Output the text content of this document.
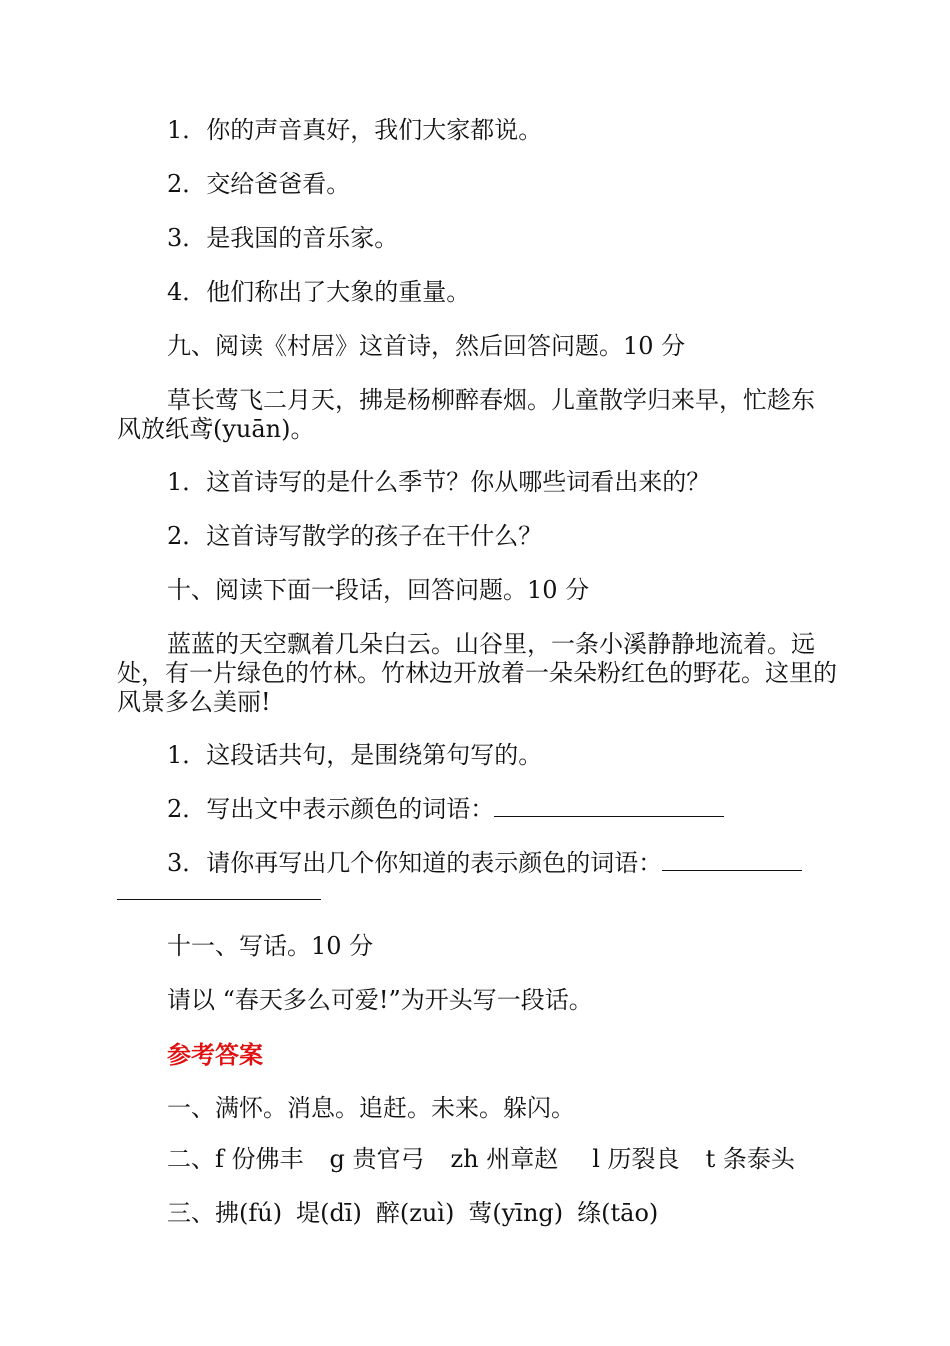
1．你的声音真好，我们大家都说。
2．交给爸爸看。
3．是我国的音乐家。
4．他们称出了大象的重量。
九、阅读《村居》这首诗，然后回答问题。10 分
草长莺飞二月天，拂是杨柳醉春烟。儿童散学归来早，忙趁东风放纸鸢(yuān)。
1．这首诗写的是什么季节？你从哪些词看出来的？
2．这首诗写散学的孩子在干什么？
十、阅读下面一段话，回答问题。10 分
蓝蓝的天空飘着几朵白云。山谷里，一条小溪静静地流着。远处，有一片绿色的竹林。竹林边开放着一朵朵粉红色的野花。这里的风景多么美丽!
1．这段话共句，是围绕第句写的。
2．写出文中表示颜色的词语：
3．请你再写出几个你知道的表示颜色的词语：
十一、写话。10 分
请以 “春天多么可爱!”为开头写一段话。
参考答案
一、满怀。消息。追赶。未来。躲闪。
二、f 份佛丰 g 贵官弓 zh 州章赵 l 历裂良 t 条泰头
三、拂(fú) 堤(dī) 醉(zuì) 莺(yīng) 绦(tāo)
